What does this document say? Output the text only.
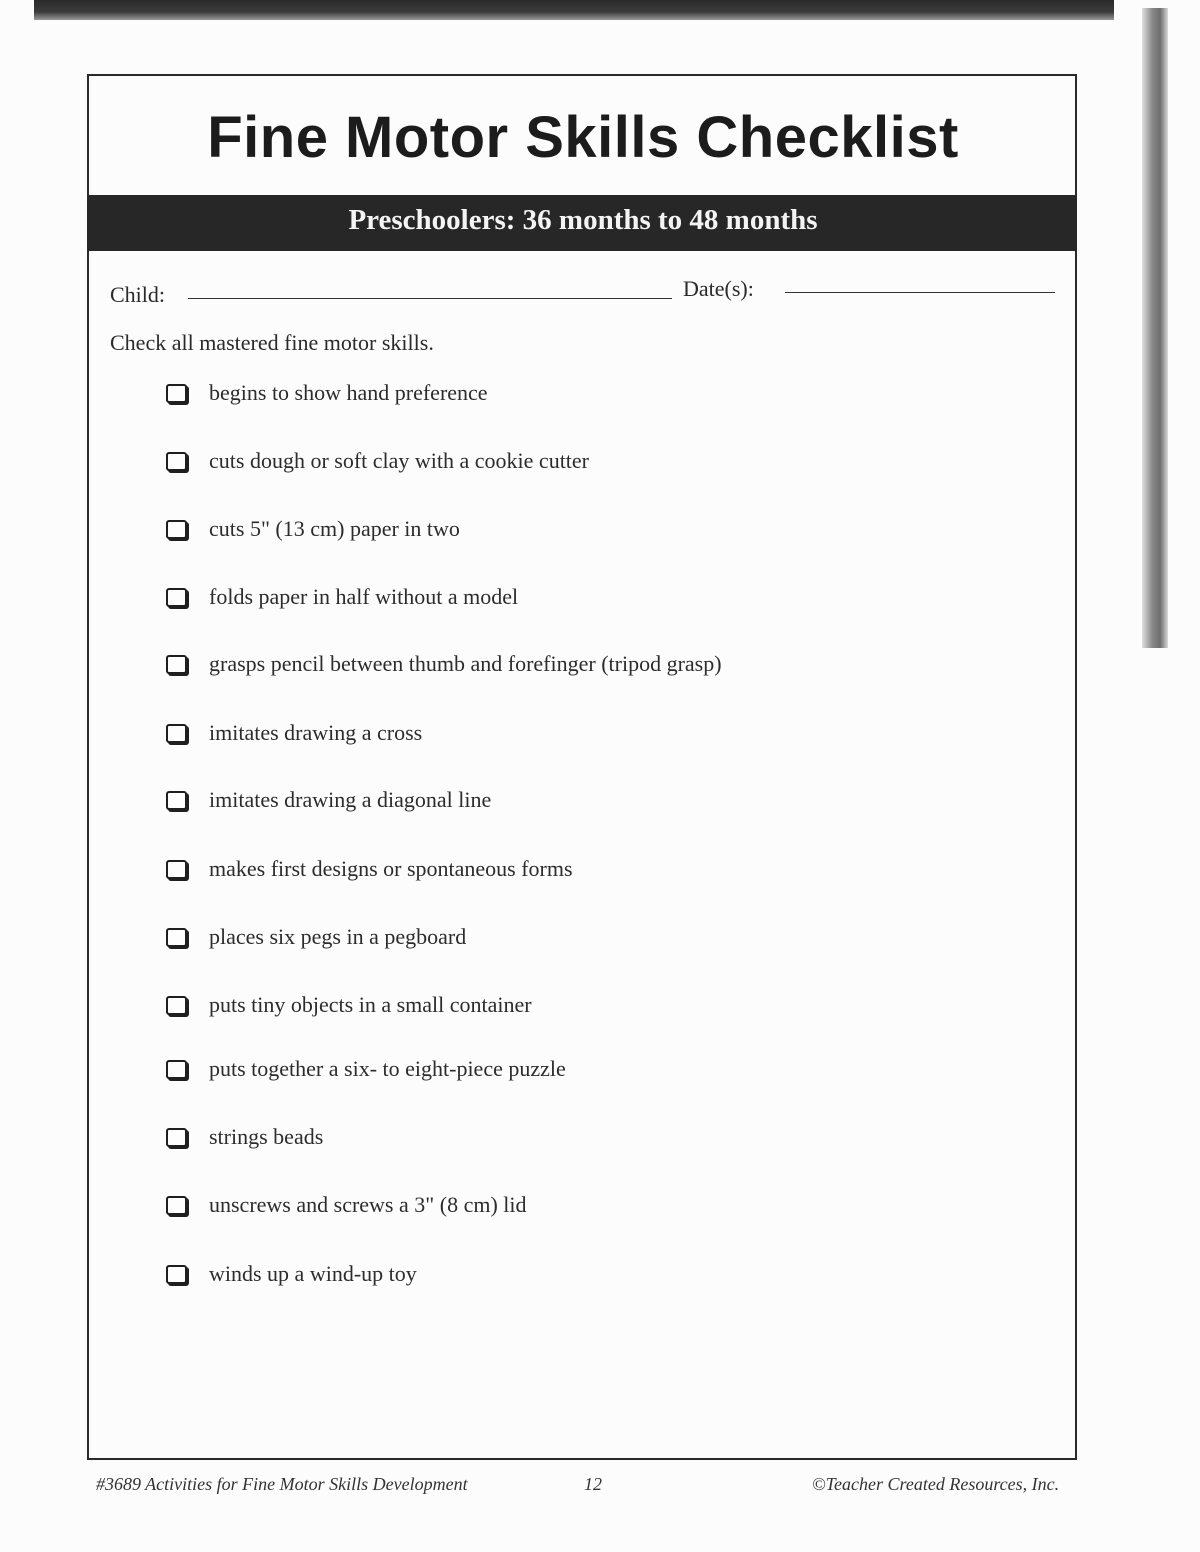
Fine Motor Skills Checklist
Preschoolers: 36 months to 48 months
Child:	Date(s):
Check all mastered fine motor skills.
begins to show hand preference
cuts dough or soft clay with a cookie cutter
cuts 5" (13 cm) paper in two
folds paper in half without a model
grasps pencil between thumb and forefinger (tripod grasp)
imitates drawing a cross
imitates drawing a diagonal line
makes first designs or spontaneous forms
places six pegs in a pegboard
puts tiny objects in a small container
puts together a six- to eight-piece puzzle
strings beads
unscrews and screws a 3" (8 cm) lid
winds up a wind-up toy
#3689 Activities for Fine Motor Skills Development	12	©Teacher Created Resources, Inc.
